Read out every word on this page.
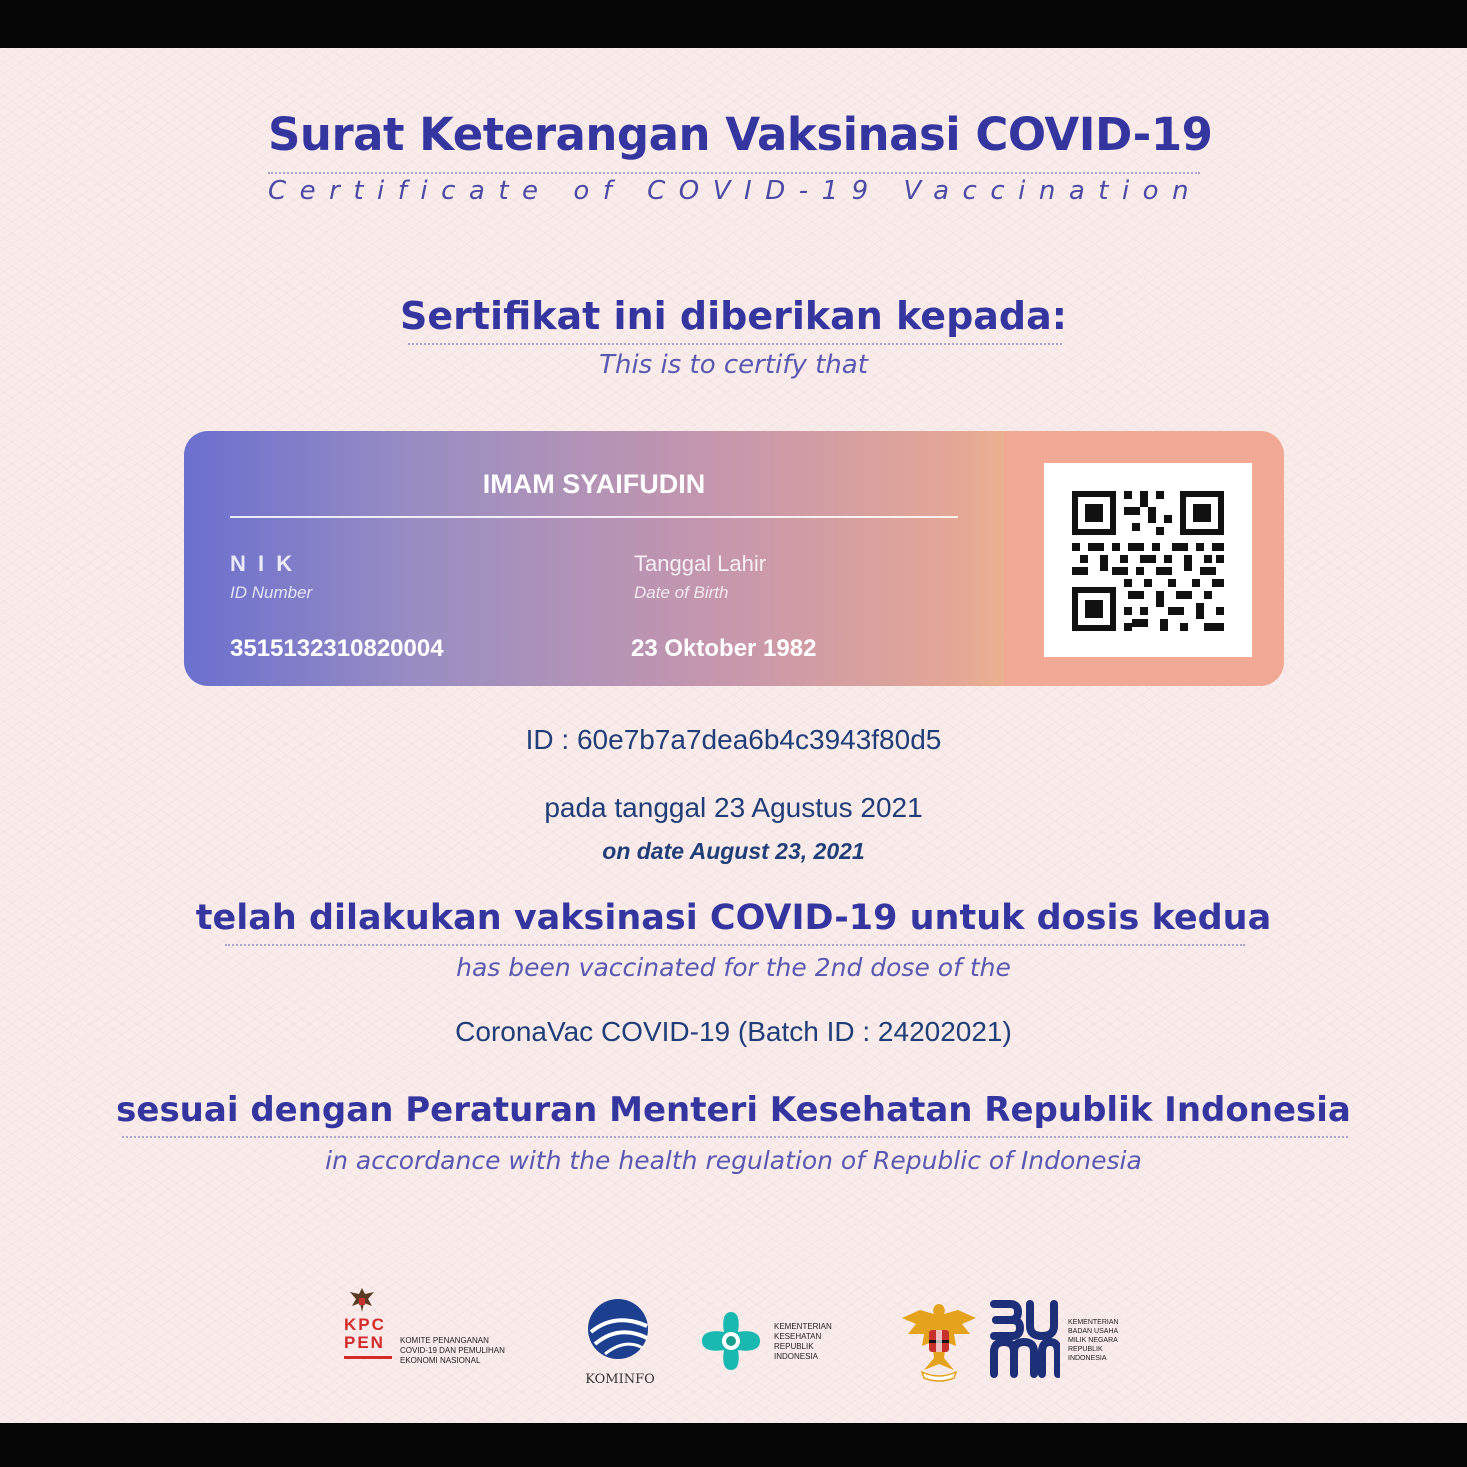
Surat Keterangan Vaksinasi COVID-19
Certificate of COVID-19 Vaccination
Sertifikat ini diberikan kepada:
This is to certify that
IMAM SYAIFUDIN
N I K
ID Number
3515132310820004
Tanggal Lahir
Date of Birth
23 Oktober 1982
ID : 60e7b7a7dea6b4c3943f80d5
pada tanggal 23 Agustus 2021
on date August 23, 2021
telah dilakukan vaksinasi COVID-19 untuk dosis kedua
has been vaccinated for the 2nd dose of the
CoronaVac COVID-19 (Batch ID : 24202021)
sesuai dengan Peraturan Menteri Kesehatan Republik Indonesia
in accordance with the health regulation of Republic of Indonesia
KPC
PEN KOMITE PENANGANAN
COVID-19 DAN PEMULIHAN
EKONOMI NASIONAL
KOMINFO
KEMENTERIAN
KESEHATAN
REPUBLIK
INDONESIA
KEMENTERIAN
BADAN USAHA
MILIK NEGARA
REPUBLIK
INDONESIA
